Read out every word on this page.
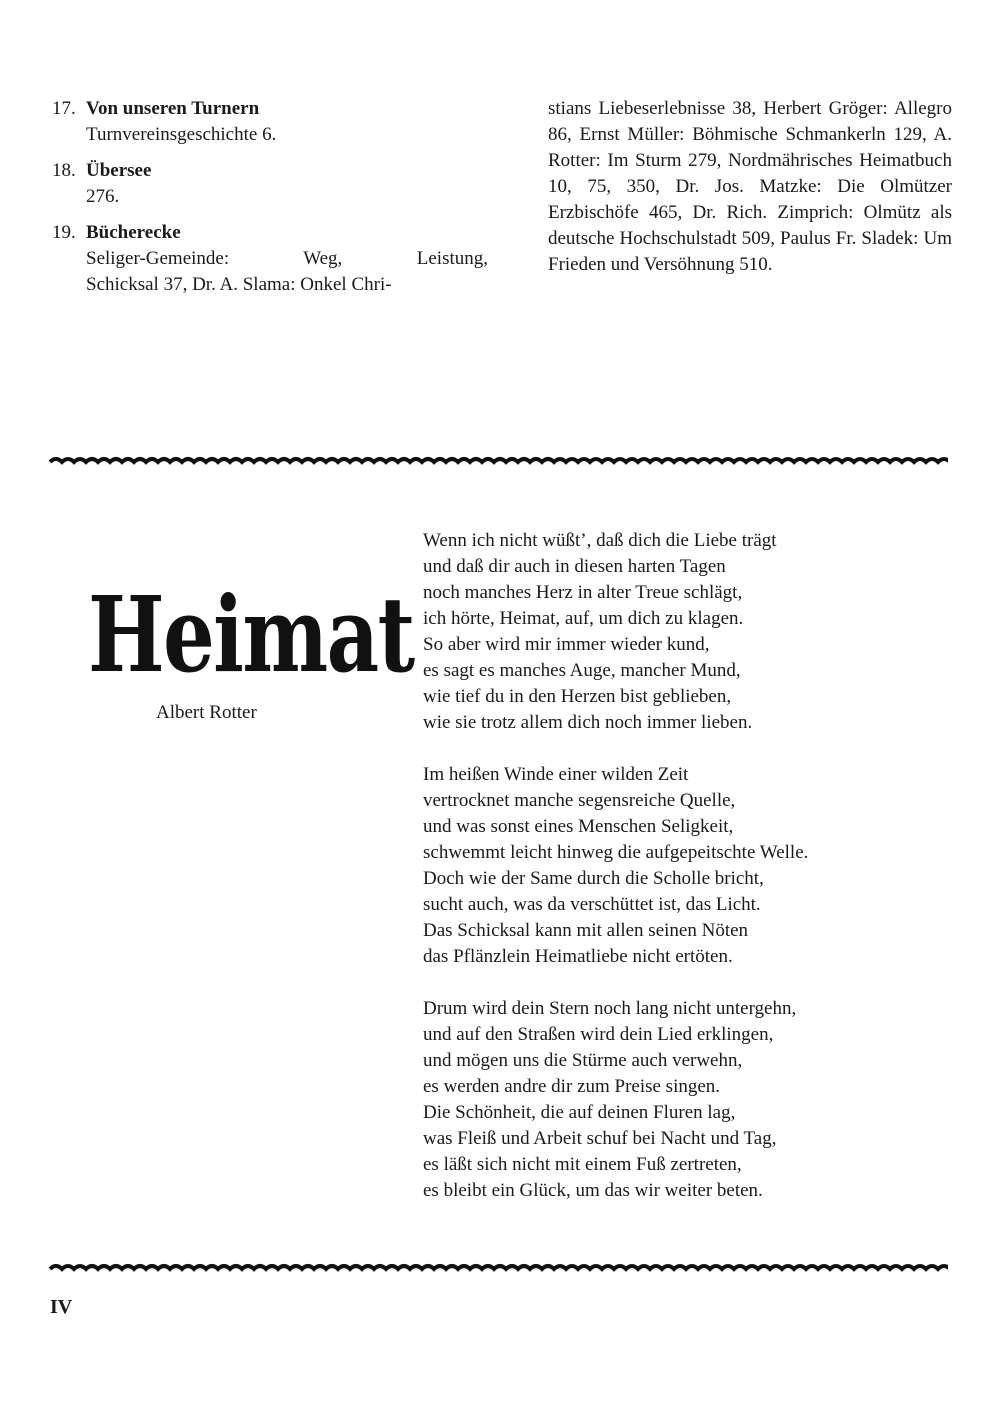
17. Von unseren Turnern
Turnvereinsgeschichte 6.
18. Übersee
276.
19. Bücherecke
Seliger-Gemeinde: Weg, Leistung,
Schicksal 37, Dr. A. Slama: Onkel Chri-
stians Liebeserlebnisse 38, Herbert Gröger: Allegro 86, Ernst Müller: Böhmische Schmankerln 129, A. Rotter: Im Sturm 279, Nordmährisches Heimatbuch 10, 75, 350, Dr. Jos. Matzke: Die Olmützer Erzbischöfe 465, Dr. Rich. Zimprich: Olmütz als deutsche Hochschulstadt 509, Paulus Fr. Sladek: Um Frieden und Versöhnung 510.
Heimat
Albert Rotter
Wenn ich nicht wüßt’, daß dich die Liebe trägt
und daß dir auch in diesen harten Tagen
noch manches Herz in alter Treue schlägt,
ich hörte, Heimat, auf, um dich zu klagen.
So aber wird mir immer wieder kund,
es sagt es manches Auge, mancher Mund,
wie tief du in den Herzen bist geblieben,
wie sie trotz allem dich noch immer lieben.
Im heißen Winde einer wilden Zeit
vertrocknet manche segensreiche Quelle,
und was sonst eines Menschen Seligkeit,
schwemmt leicht hinweg die aufgepeitschte Welle.
Doch wie der Same durch die Scholle bricht,
sucht auch, was da verschüttet ist, das Licht.
Das Schicksal kann mit allen seinen Nöten
das Pflänzlein Heimatliebe nicht ertöten.
Drum wird dein Stern noch lang nicht untergehn,
und auf den Straßen wird dein Lied erklingen,
und mögen uns die Stürme auch verwehn,
es werden andre dir zum Preise singen.
Die Schönheit, die auf deinen Fluren lag,
was Fleiß und Arbeit schuf bei Nacht und Tag,
es läßt sich nicht mit einem Fuß zertreten,
es bleibt ein Glück, um das wir weiter beten.
IV
